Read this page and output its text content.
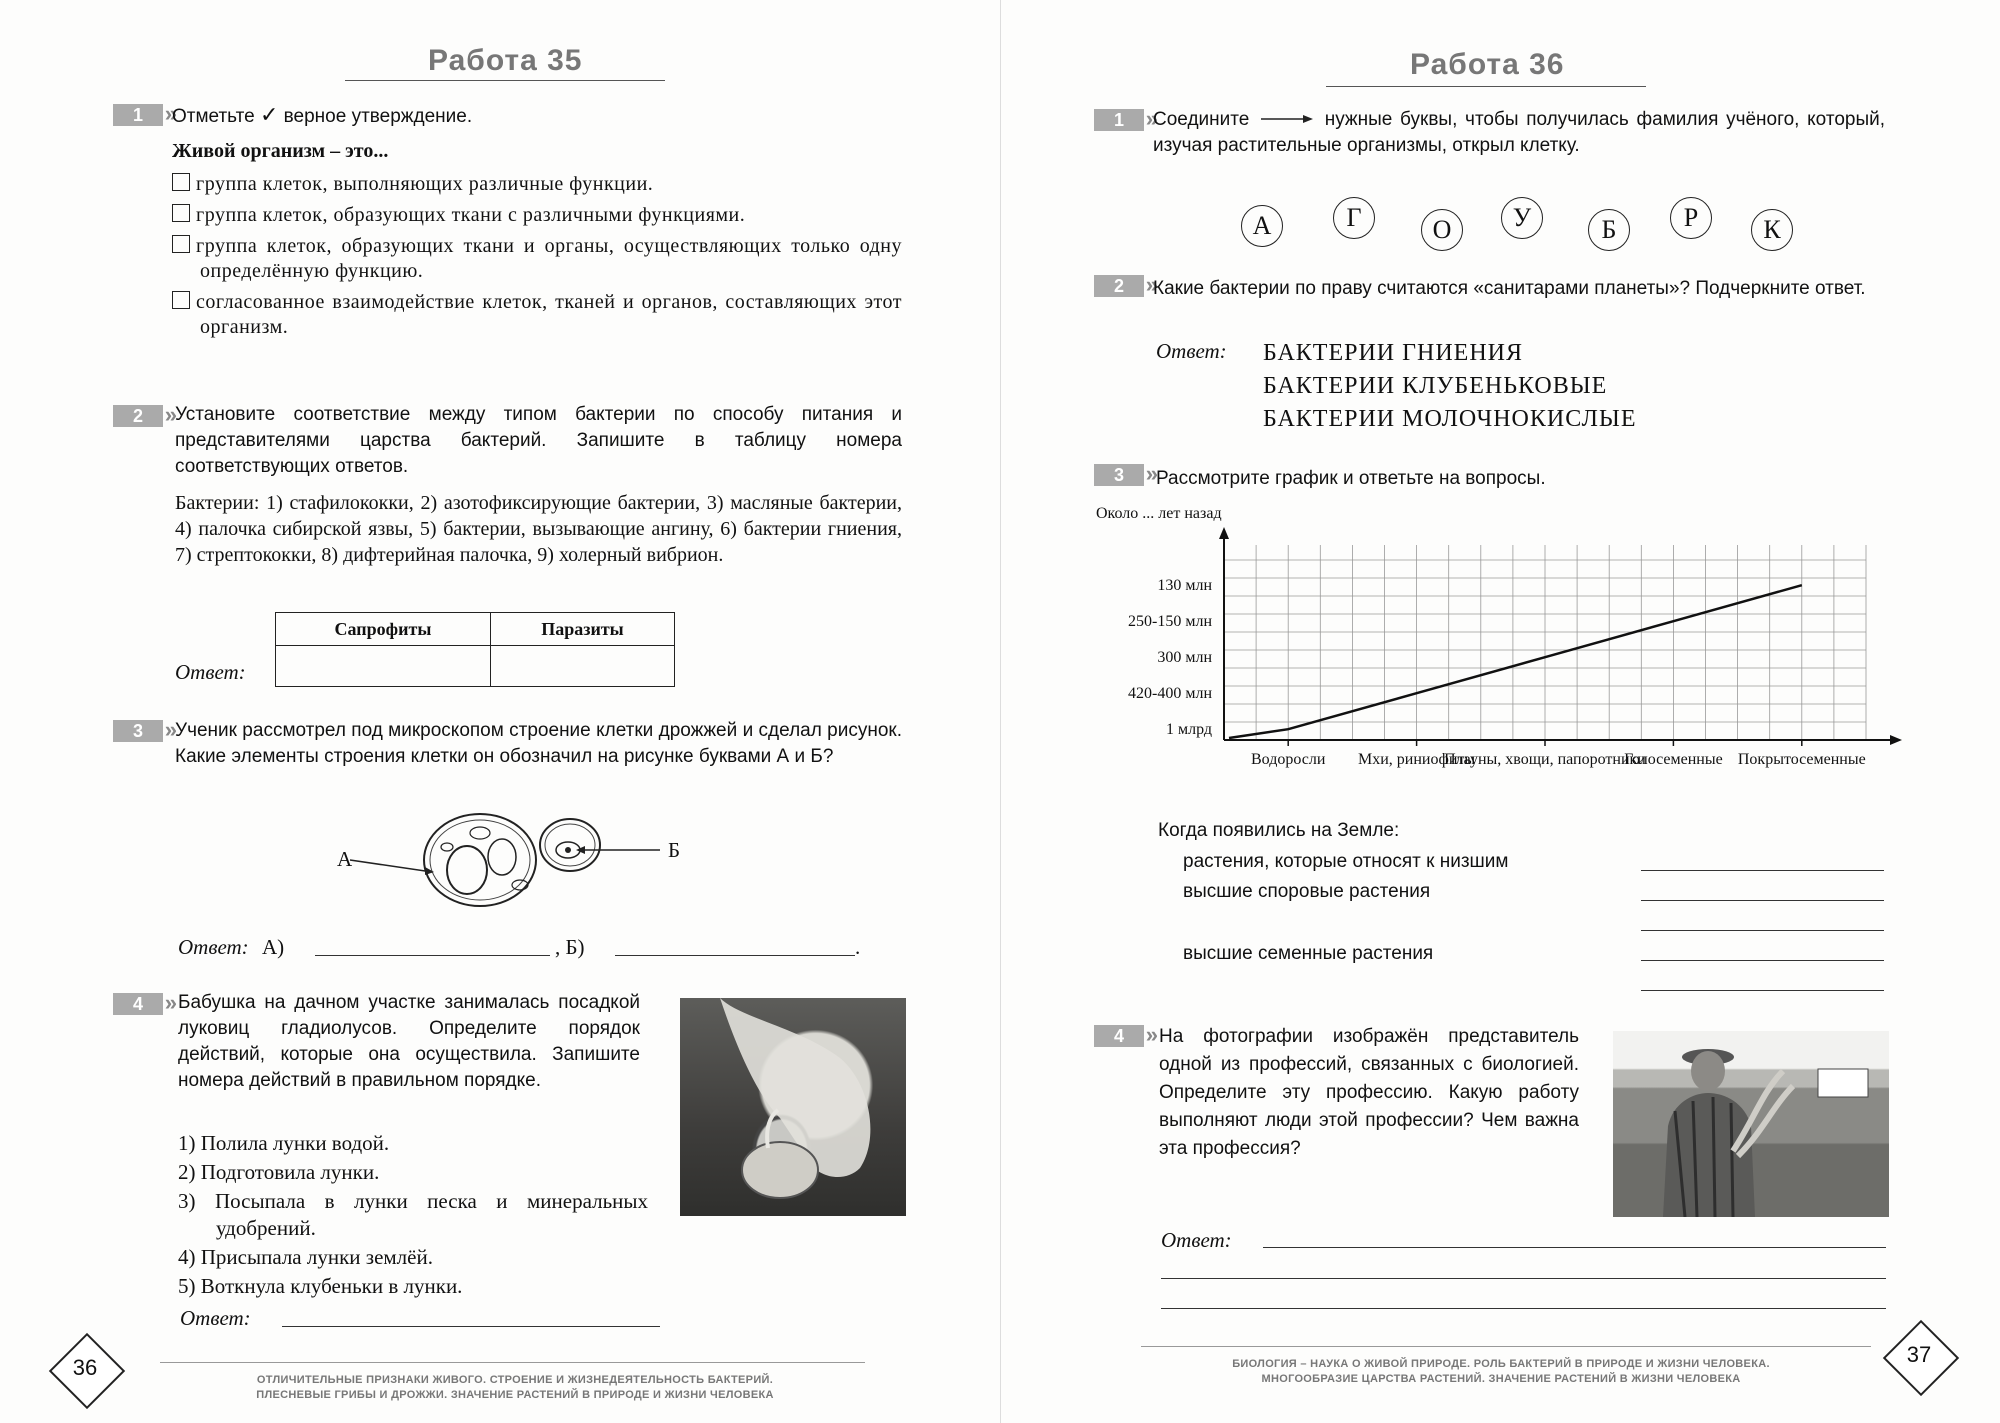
Работа 35
1 »	Отметьте ✓ верное утверждение.
Живой организм – это...
группа клеток, выполняющих различные функции.
группа клеток, образующих ткани с различными функциями.
группа клеток, образующих ткани и органы, осуществляющих только одну определённую функцию.
согласованное взаимодействие клеток, тканей и органов, составляющих этот организм.
2 »	Установите соответствие между типом бактерии по способу питания и представителями царства бактерий. Запишите в таблицу номера соответствующих ответов.
Бактерии: 1) стафилококки, 2) азотофиксирующие бактерии, 3) масляные бактерии, 4) палочка сибирской язвы, 5) бактерии, вызывающие ангину, 6) бактерии гниения, 7) стрептококки, 8) дифтерийная палочка, 9) холерный вибрион.
Сапрофиты	Паразиты

Ответ:
3 »	Ученик рассмотрел под микроскопом строение клетки дрожжей и сделал рисунок. Какие элементы строения клетки он обозначил на рисунке буквами А и Б?
А	Б
Ответ: А)	, Б)	.
4 »	Бабушка на дачном участке занималась посадкой луковиц гладиолусов. Определите порядок действий, которые она осуществила. Запишите номера действий в правильном порядке.
1) Полила лунки водой.
2) Подготовила лунки.
3) Посыпала в лунки песка и минеральных удобрений.
4) Присыпала лунки землёй.
5) Воткнула клубеньки в лунки.
Ответ:
36	ОТЛИЧИТЕЛЬНЫЕ ПРИЗНАКИ ЖИВОГО. СТРОЕНИЕ И ЖИЗНЕДЕЯТЕЛЬНОСТЬ БАКТЕРИЙ.
ПЛЕСНЕВЫЕ ГРИБЫ И ДРОЖЖИ. ЗНАЧЕНИЕ РАСТЕНИЙ В ПРИРОДЕ И ЖИЗНИ ЧЕЛОВЕКА
Работа 36
1 »	Соедините	нужные буквы, чтобы получилась фамилия учёного, который, изучая растительные организмы, открыл клетку.
А	Г	О	У	Б	Р	К
2 »	Какие бактерии по праву считаются «санитарами планеты»? Подчеркните ответ.
Ответ: БАКТЕРИИ ГНИЕНИЯ
БАКТЕРИИ КЛУБЕНЬКОВЫЕ
БАКТЕРИИ МОЛОЧНОКИСЛЫЕ
3 »	Рассмотрите график и ответьте на вопросы.
1 млрд
420-400 млн
300 млн
250-150 млн
130 млн
Водоросли Мхи, риниофиты
Плауны, хвощи, папоротники
Голосеменные Покрытосеменные
Около ... лет назад
Когда появились на Земле:
растения, которые относят к низшим
высшие споровые растения
высшие семенные растения
4 »	На фотографии изображён представитель одной из профессий, связанных с биологией. Определите эту профессию. Какую работу выполняют люди этой профессии? Чем важна эта профессия?
Ответ:
БИОЛОГИЯ – НАУКА О ЖИВОЙ ПРИРОДЕ. РОЛЬ БАКТЕРИЙ В ПРИРОДЕ И ЖИЗНИ ЧЕЛОВЕКА.
МНОГООБРАЗИЕ ЦАРСТВА РАСТЕНИЙ. ЗНАЧЕНИЕ РАСТЕНИЙ В ЖИЗНИ ЧЕЛОВЕКА
37
